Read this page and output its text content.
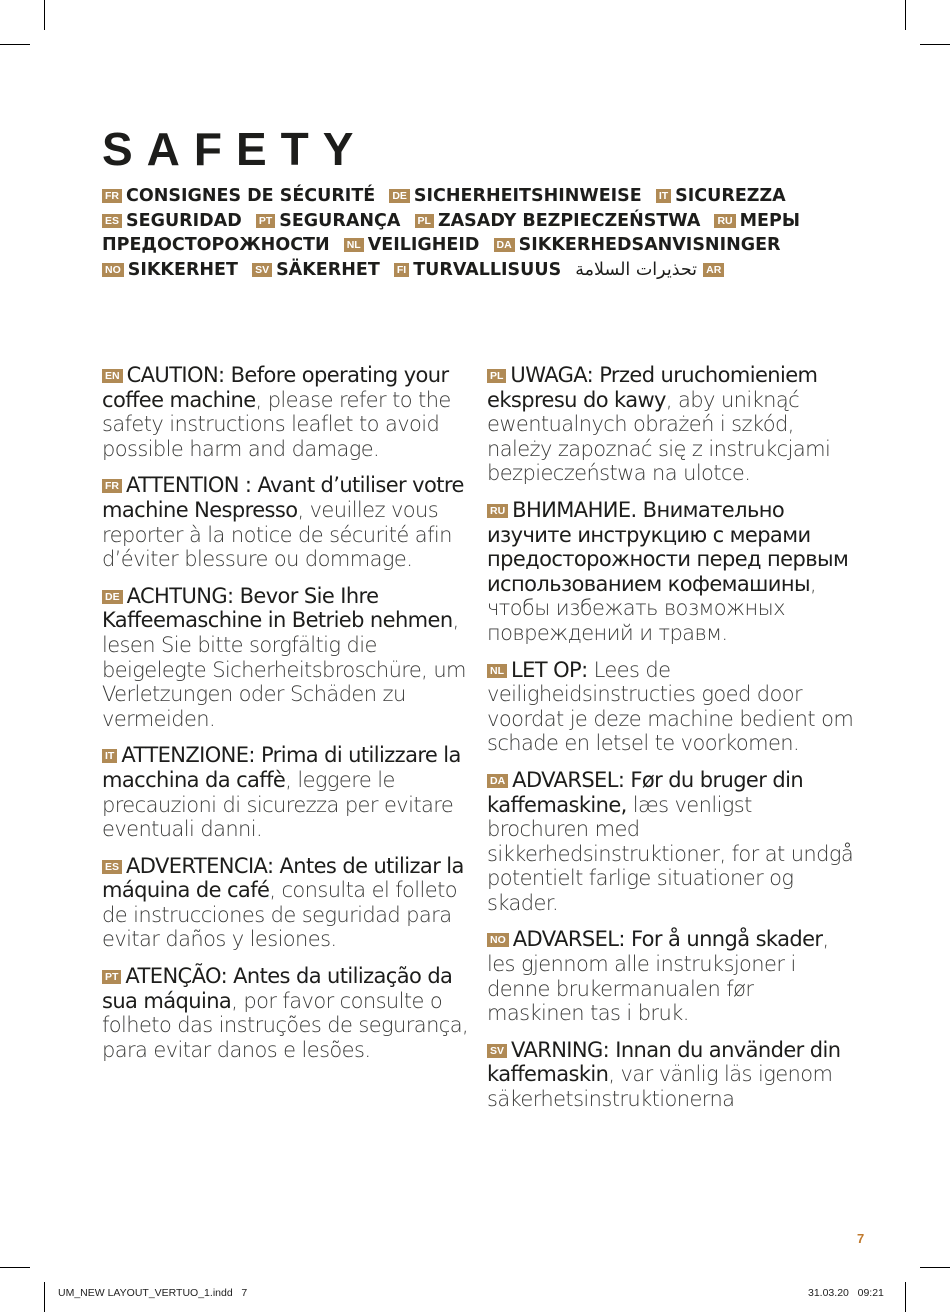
SAFETY
FR CONSIGNES DE SÉCURITÉ DE SICHERHEITSHINWEISE IT SICUREZZA ES SEGURIDAD PT SEGURANÇA PL ZASADY BEZPIECZEŃSTWA RU МЕРЫ ПРЕДОСТОРОЖНОСТИ NL VEILIGHEID DA SIKKERHEDSANVISNINGER NO SIKKERHET SV SÄKERHET FI TURVALLISUUS تحذيرات السلامة AR

EN CAUTION: Before operating your coffee machine, please refer to the safety instructions leaflet to avoid possible harm and damage.

FR ATTENTION : Avant d’utiliser votre machine Nespresso, veuillez vous reporter à la notice de sécurité afin d’éviter blessure ou dommage.

DE ACHTUNG: Bevor Sie Ihre Kaffeemaschine in Betrieb nehmen, lesen Sie bitte sorgfältig die beigelegte Sicherheitsbroschüre, um Verletzungen oder Schäden zu vermeiden.

IT ATTENZIONE: Prima di utilizzare la macchina da caffè, leggere le precauzioni di sicurezza per evitare eventuali danni.

ES ADVERTENCIA: Antes de utilizar la máquina de café, consulta el folleto de instrucciones de seguridad para evitar daños y lesiones.

PT ATENÇÃO: Antes da utilização da sua máquina, por favor consulte o folheto das instruções de segurança, para evitar danos e lesões.

PL UWAGA: Przed uruchomieniem ekspresu do kawy, aby uniknąć ewentualnych obrażeń i szkód, należy zapoznać się z instrukcjami bezpieczeństwa na ulotce.

RU ВНИМАНИЕ. Внимательно изучите инструкцию с мерами предосторожности перед первым использованием кофемашины, чтобы избежать возможных повреждений и травм.

NL LET OP: Lees de veiligheidsinstructies goed door voordat je deze machine bedient om schade en letsel te voorkomen.

DA ADVARSEL: Før du bruger din kaffemaskine, læs venligst brochuren med sikkerhedsinstruktioner, for at undgå potentielt farlige situationer og skader.

NO ADVARSEL: For å unngå skader, les gjennom alle instruksjoner i denne brukermanualen før maskinen tas i bruk.

SV VARNING: Innan du använder din kaffemaskin, var vänlig läs igenom säkerhetsinstruktionerna

7
UM_NEW LAYOUT_VERTUO_1.indd   7	31.03.20   09:21
